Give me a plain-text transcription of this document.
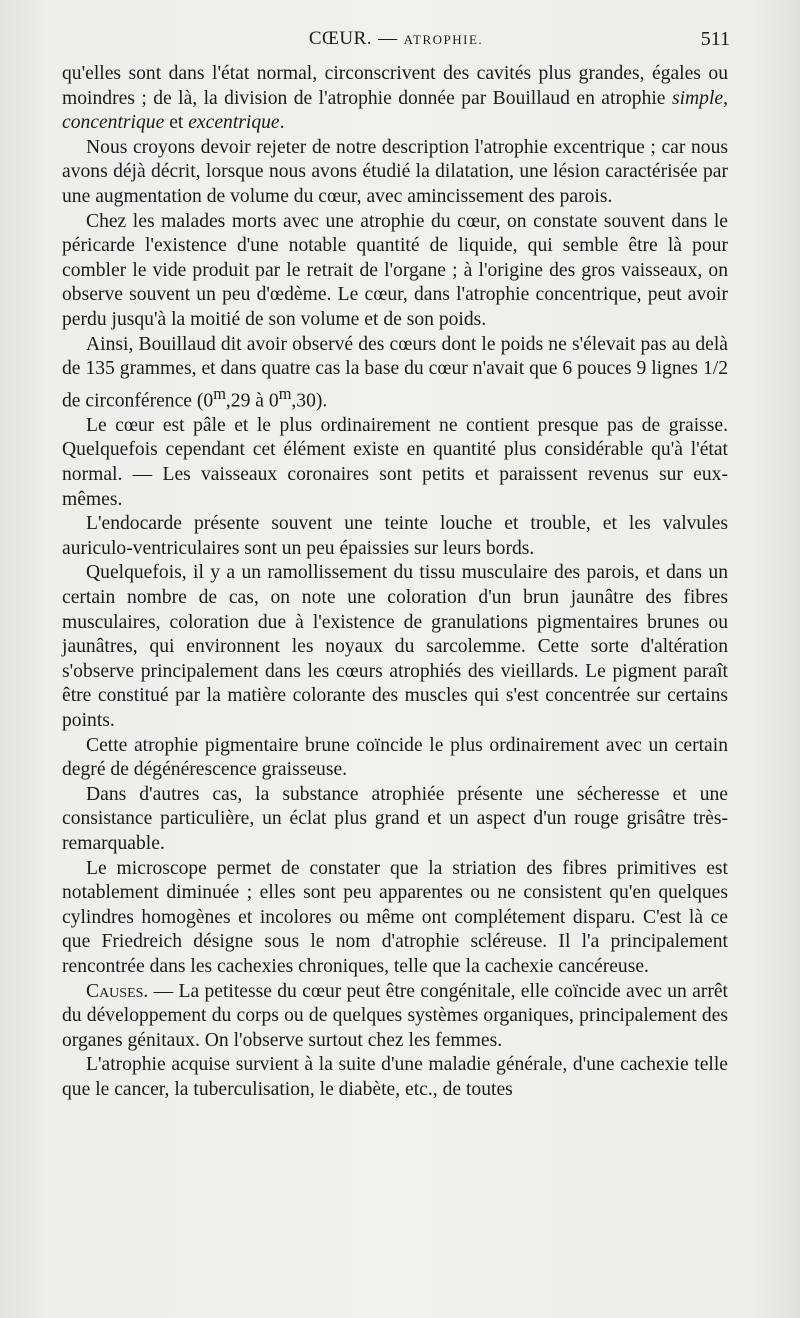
CŒUR. — ATROPHIE.	511

qu'elles sont dans l'état normal, circonscrivent des cavités plus grandes, égales ou moindres ; de là, la division de l'atrophie donnée par Bouillaud en atrophie simple, concentrique et excentrique.

Nous croyons devoir rejeter de notre description l'atrophie excentrique ; car nous avons déjà décrit, lorsque nous avons étudié la dilatation, une lésion caractérisée par une augmentation de volume du cœur, avec amincissement des parois.

Chez les malades morts avec une atrophie du cœur, on constate souvent dans le péricarde l'existence d'une notable quantité de liquide, qui semble être là pour combler le vide produit par le retrait de l'organe ; à l'origine des gros vaisseaux, on observe souvent un peu d'œdème. Le cœur, dans l'atrophie concentrique, peut avoir perdu jusqu'à la moitié de son volume et de son poids.

Ainsi, Bouillaud dit avoir observé des cœurs dont le poids ne s'élevait pas au delà de 135 grammes, et dans quatre cas la base du cœur n'avait que 6 pouces 9 lignes 1/2 de circonférence (0$^m$,29 à 0$^m$,30).

Le cœur est pâle et le plus ordinairement ne contient presque pas de graisse. Quelquefois cependant cet élément existe en quantité plus considérable qu'à l'état normal. — Les vaisseaux coronaires sont petits et paraissent revenus sur eux-mêmes.

L'endocarde présente souvent une teinte louche et trouble, et les valvules auriculo-ventriculaires sont un peu épaissies sur leurs bords.

Quelquefois, il y a un ramollissement du tissu musculaire des parois, et dans un certain nombre de cas, on note une coloration d'un brun jaunâtre des fibres musculaires, coloration due à l'existence de granulations pigmentaires brunes ou jaunâtres, qui environnent les noyaux du sarcolemme. Cette sorte d'altération s'observe principalement dans les cœurs atrophiés des vieillards. Le pigment paraît être constitué par la matière colorante des muscles qui s'est concentrée sur certains points.

Cette atrophie pigmentaire brune coïncide le plus ordinairement avec un certain degré de dégénérescence graisseuse.

Dans d'autres cas, la substance atrophiée présente une sécheresse et une consistance particulière, un éclat plus grand et un aspect d'un rouge grisâtre très-remarquable.

Le microscope permet de constater que la striation des fibres primitives est notablement diminuée ; elles sont peu apparentes ou ne consistent qu'en quelques cylindres homogènes et incolores ou même ont complétement disparu. C'est là ce que Friedreich désigne sous le nom d'atrophie scléreuse. Il l'a principalement rencontrée dans les cachexies chroniques, telle que la cachexie cancéreuse.

Causes. — La petitesse du cœur peut être congénitale, elle coïncide avec un arrêt du développement du corps ou de quelques systèmes organiques, principalement des organes génitaux. On l'observe surtout chez les femmes.

L'atrophie acquise survient à la suite d'une maladie générale, d'une cachexie telle que le cancer, la tuberculisation, le diabète, etc., de toutes
